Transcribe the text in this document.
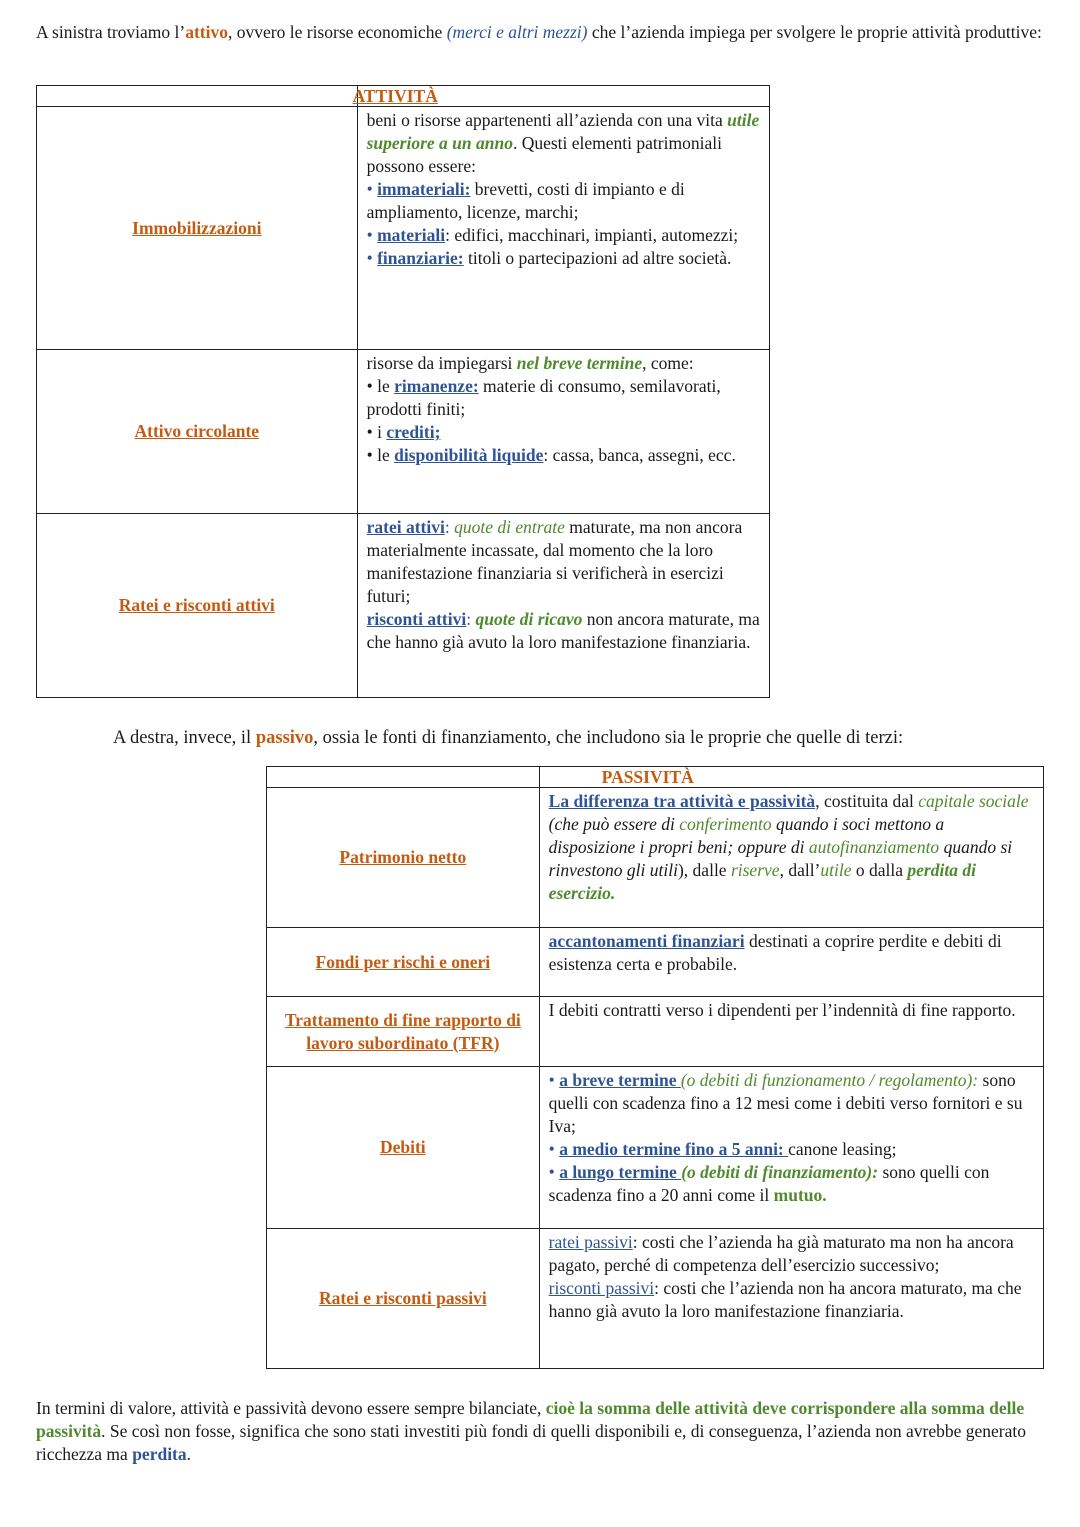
A sinistra troviamo l’attivo, ovvero le risorse economiche (merci e altri mezzi) che l’azienda impiega per svolgere le proprie attività produttive:

	ATTIVITÀ
Immobilizzazioni	beni o risorse appartenenti all’azienda con una vita utile superiore a un anno. Questi elementi patrimoniali possono essere:
• immateriali: brevetti, costi di impianto e di ampliamento, licenze, marchi;
• materiali: edifici, macchinari, impianti, automezzi;
• finanziarie: titoli o partecipazioni ad altre società.
Attivo circolante	risorse da impiegarsi nel breve termine, come:
• le rimanenze: materie di consumo, semilavorati, prodotti finiti;
• i crediti;
• le disponibilità liquide: cassa, banca, assegni, ecc.
Ratei e risconti attivi	ratei attivi: quote di entrate maturate, ma non ancora materialmente incassate, dal momento che la loro manifestazione finanziaria si verificherà in esercizi futuri;
risconti attivi: quote di ricavo non ancora maturate, ma che hanno già avuto la loro manifestazione finanziaria.

A destra, invece, il passivo, ossia le fonti di finanziamento, che includono sia le proprie che quelle di terzi:

	PASSIVITÀ
Patrimonio netto	La differenza tra attività e passività, costituita dal capitale sociale (che può essere di conferimento quando i soci mettono a disposizione i propri beni; oppure di autofinanziamento quando si rinvestono gli utili), dalle riserve, dall’utile o dalla perdita di esercizio.
Fondi per rischi e oneri	accantonamenti finanziari destinati a coprire perdite e debiti di esistenza certa e probabile.
Trattamento di fine rapporto di lavoro subordinato (TFR)	I debiti contratti verso i dipendenti per l’indennità di fine rapporto.
Debiti	• a breve termine (o debiti di funzionamento / regolamento): sono quelli con scadenza fino a 12 mesi come i debiti verso fornitori e su Iva;
• a medio termine fino a 5 anni: canone leasing;
• a lungo termine (o debiti di finanziamento): sono quelli con scadenza fino a 20 anni come il mutuo.
Ratei e risconti passivi	ratei passivi: costi che l’azienda ha già maturato ma non ha ancora pagato, perché di competenza dell’esercizio successivo;
risconti passivi: costi che l’azienda non ha ancora maturato, ma che hanno già avuto la loro manifestazione finanziaria.

In termini di valore, attività e passività devono essere sempre bilanciate, cioè la somma delle attività deve corrispondere alla somma delle passività. Se così non fosse, significa che sono stati investiti più fondi di quelli disponibili e, di conseguenza, l’azienda non avrebbe generato ricchezza ma perdita.
